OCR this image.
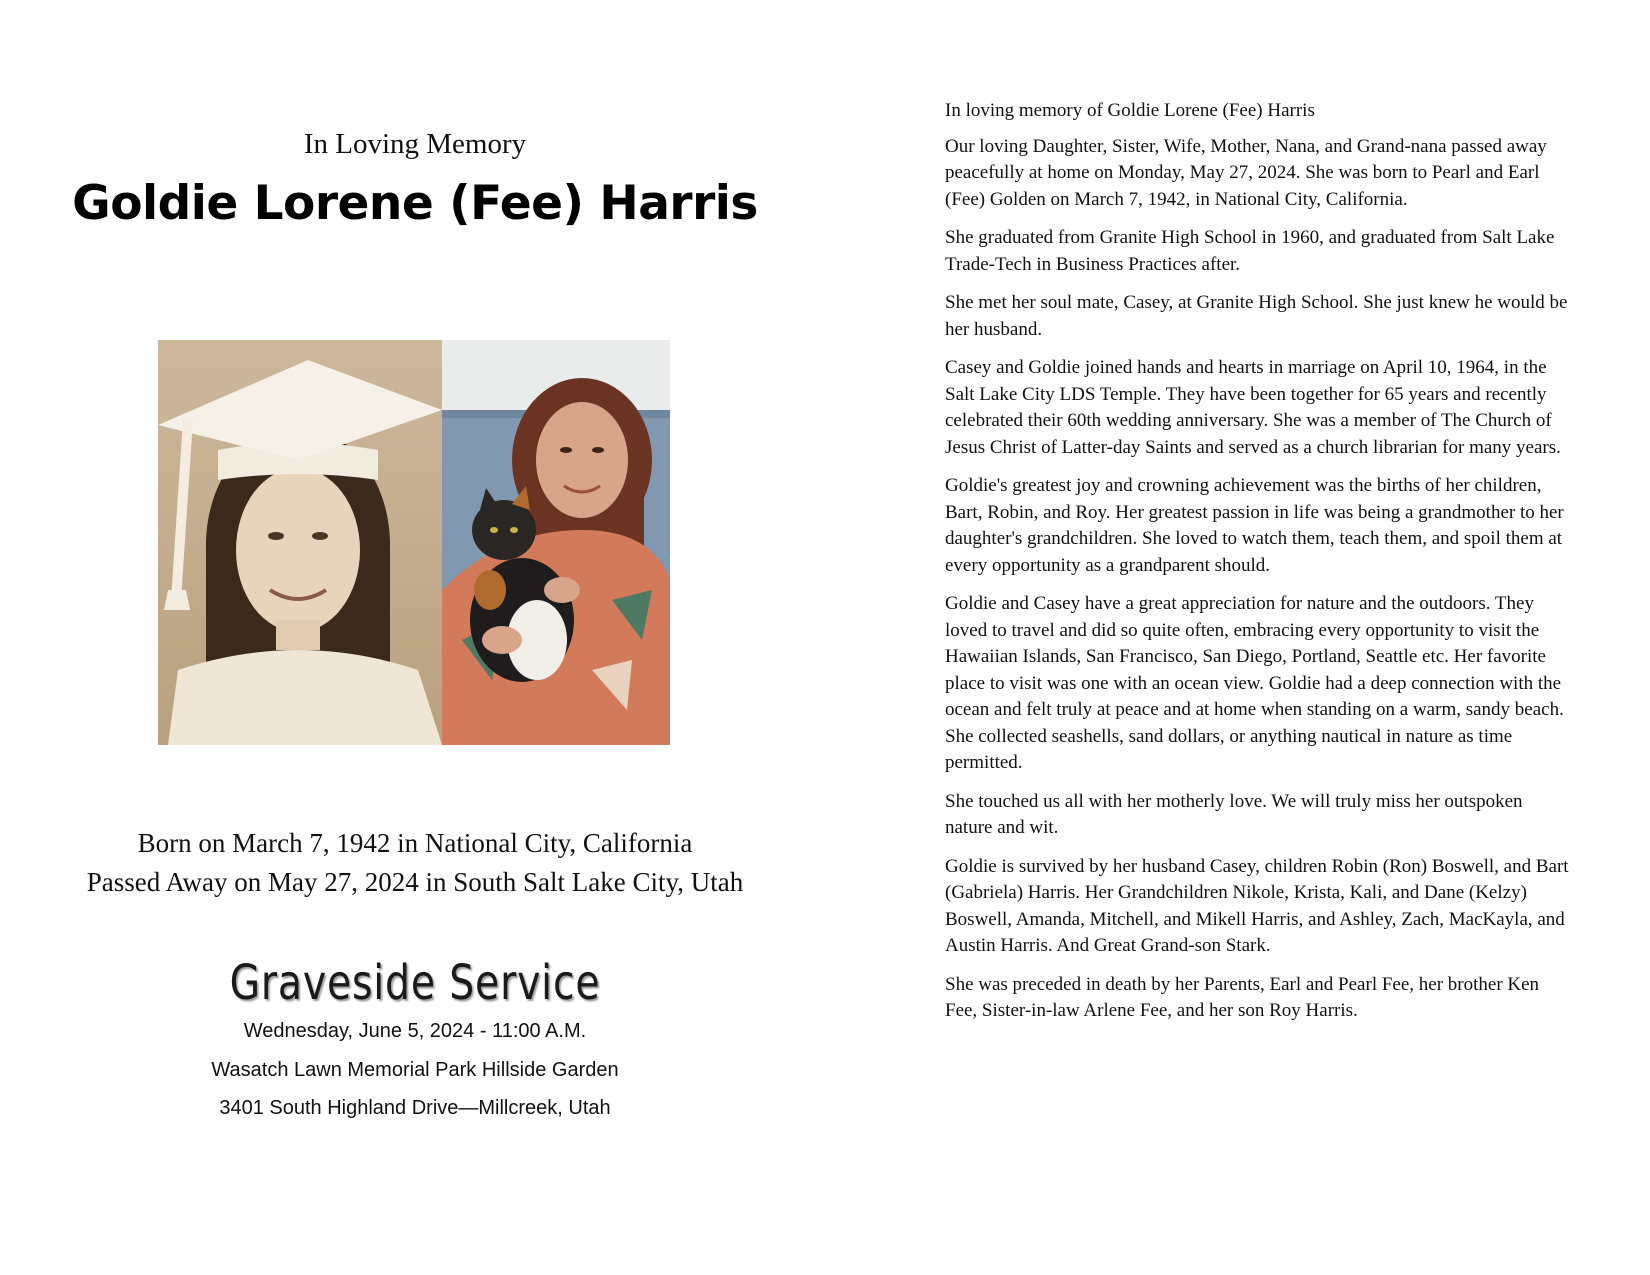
In Loving Memory
Goldie Lorene (Fee) Harris
Born on March 7, 1942 in National City, California
Passed Away on May 27, 2024 in South Salt Lake City, Utah
Graveside Service
Wednesday, June 5, 2024 - 11:00 A.M.
Wasatch Lawn Memorial Park Hillside Garden
3401 South Highland Drive—Millcreek, Utah

In loving memory of Goldie Lorene (Fee) Harris

Our loving Daughter, Sister, Wife, Mother, Nana, and Grand-nana passed away peacefully at home on Monday, May 27, 2024. She was born to Pearl and Earl (Fee) Golden on March 7, 1942, in National City, California.

She graduated from Granite High School in 1960, and graduated from Salt Lake Trade-Tech in Business Practices after.

She met her soul mate, Casey, at Granite High School. She just knew he would be her husband.

Casey and Goldie joined hands and hearts in marriage on April 10, 1964, in the Salt Lake City LDS Temple. They have been together for 65 years and recently celebrated their 60th wedding anniversary. She was a member of The Church of Jesus Christ of Latter-day Saints and served as a church librarian for many years.

Goldie's greatest joy and crowning achievement was the births of her children, Bart, Robin, and Roy. Her greatest passion in life was being a grandmother to her daughter's grandchildren. She loved to watch them, teach them, and spoil them at every opportunity as a grandparent should.

Goldie and Casey have a great appreciation for nature and the outdoors. They loved to travel and did so quite often, embracing every opportunity to visit the Hawaiian Islands, San Francisco, San Diego, Portland, Seattle etc. Her favorite place to visit was one with an ocean view. Goldie had a deep connection with the ocean and felt truly at peace and at home when standing on a warm, sandy beach. She collected seashells, sand dollars, or anything nautical in nature as time permitted.

She touched us all with her motherly love. We will truly miss her outspoken nature and wit.

Goldie is survived by her husband Casey, children Robin (Ron) Boswell, and Bart (Gabriela) Harris. Her Grandchildren Nikole, Krista, Kali, and Dane (Kelzy) Boswell, Amanda, Mitchell, and Mikell Harris, and Ashley, Zach, MacKayla, and Austin Harris. And Great Grand-son Stark.

She was preceded in death by her Parents, Earl and Pearl Fee, her brother Ken Fee, Sister-in-law Arlene Fee, and her son Roy Harris.
